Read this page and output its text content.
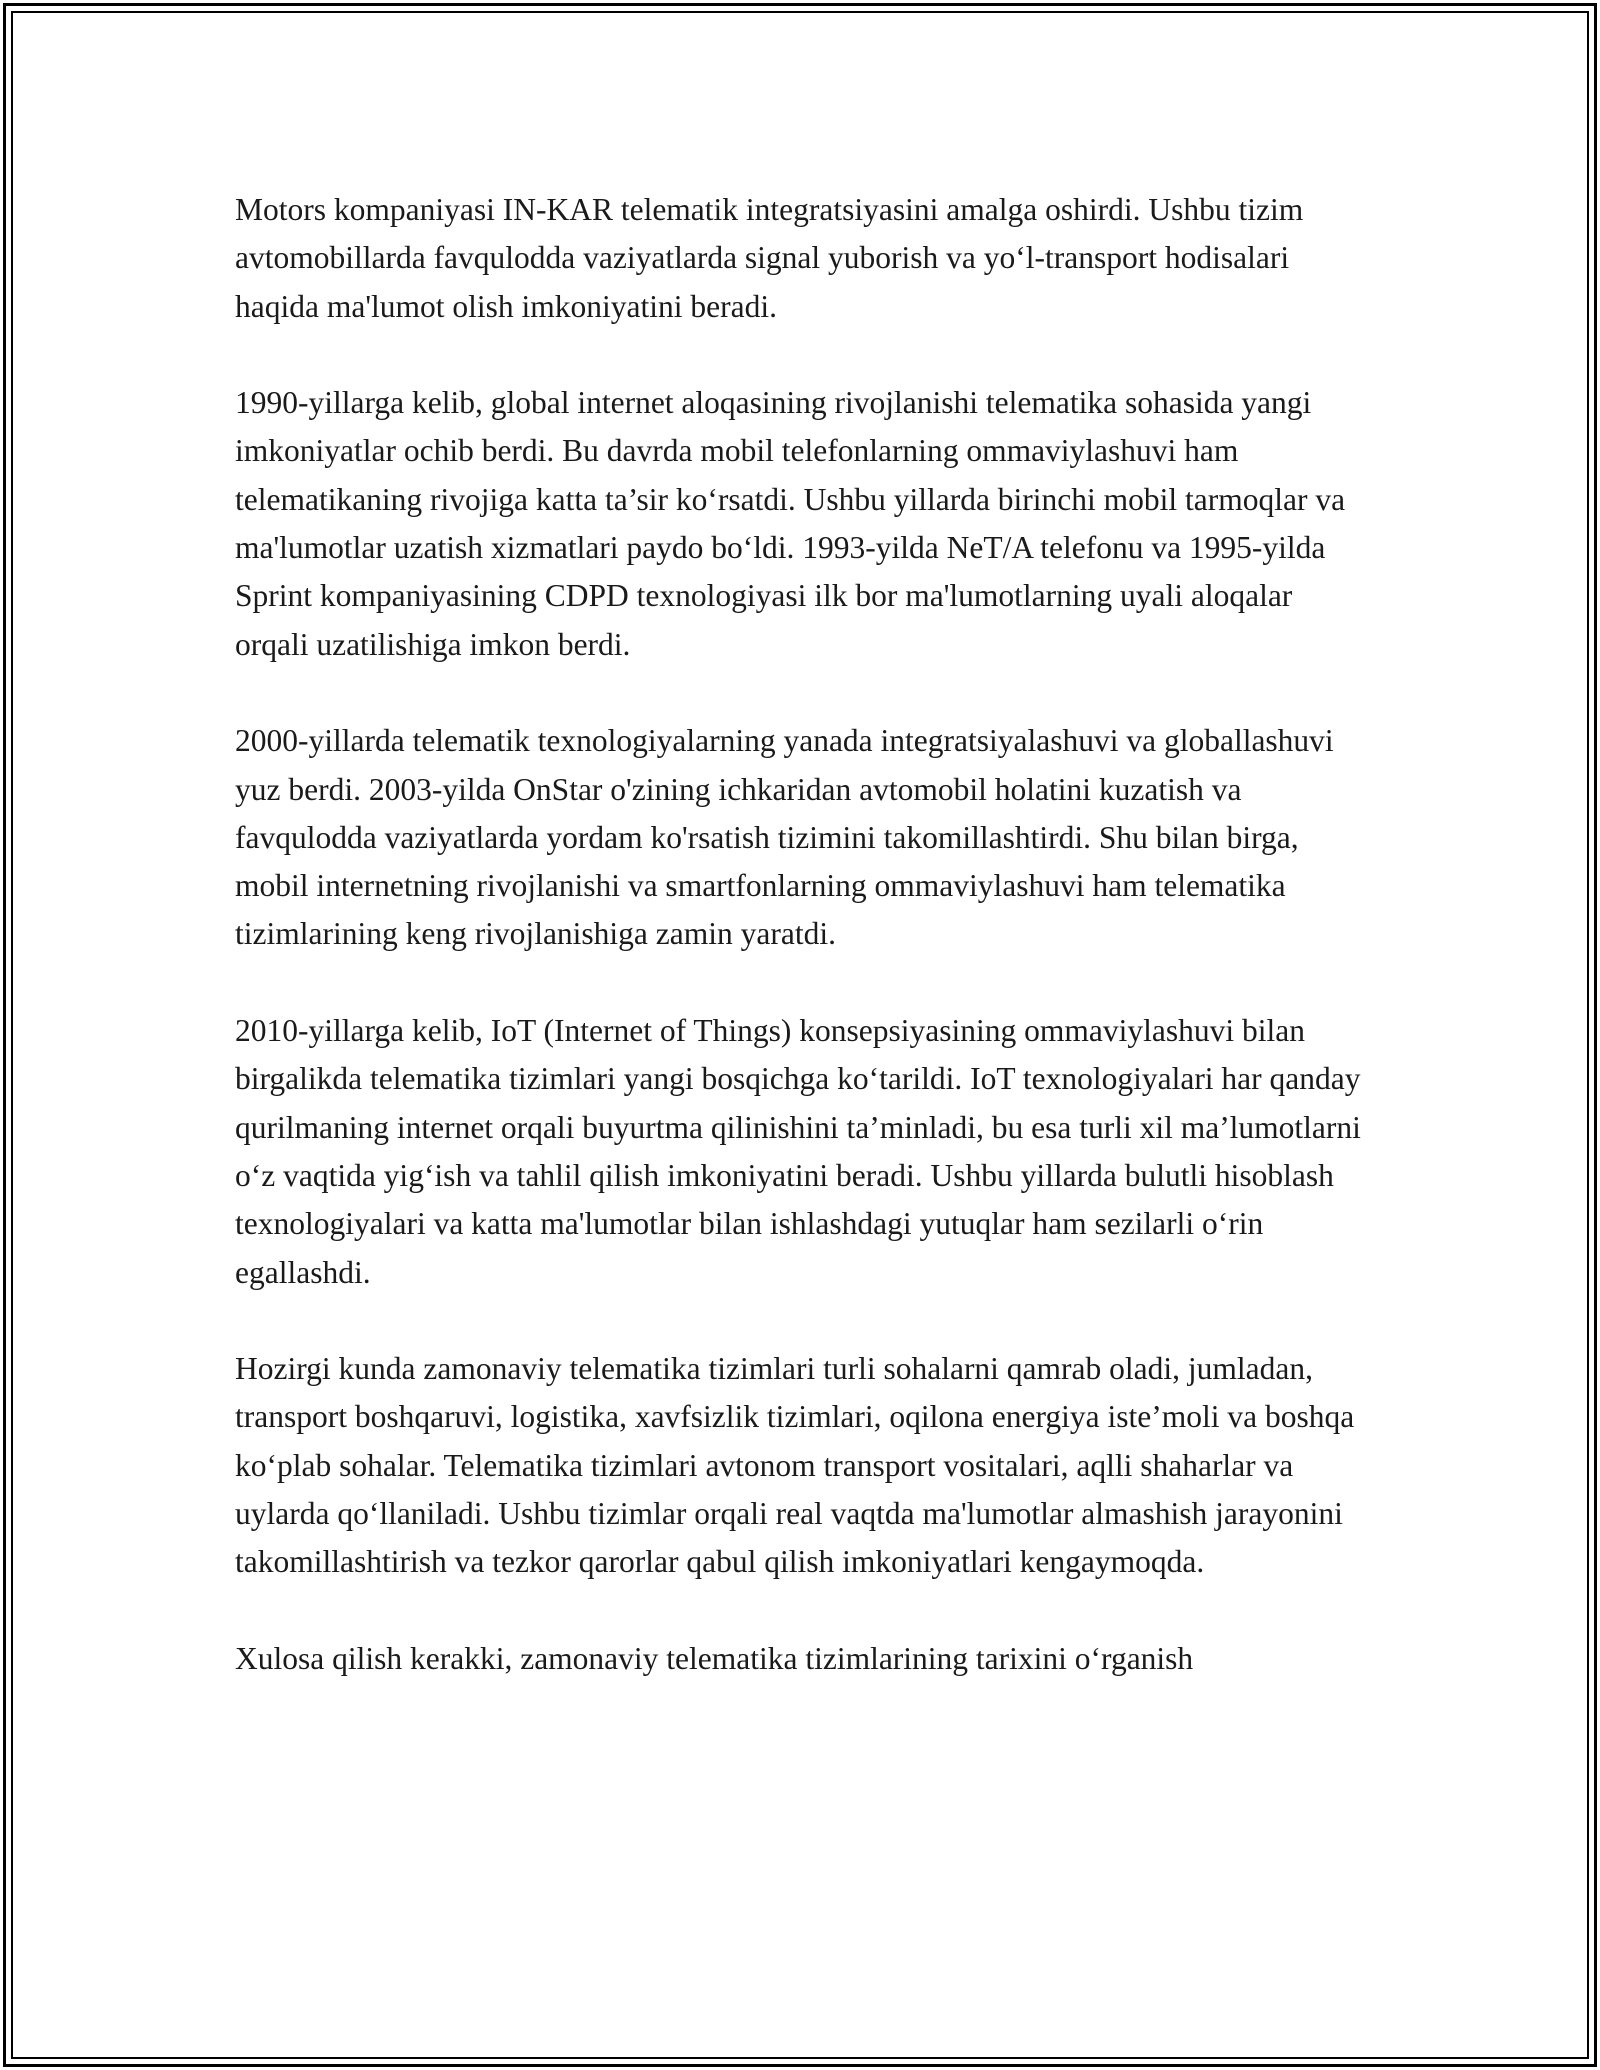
Motors kompaniyasi IN-KAR telematik integratsiyasini amalga oshirdi. Ushbu tizim avtomobillarda favqulodda vaziyatlarda signal yuborish va yoʻl-transport hodisalari haqida ma'lumot olish imkoniyatini beradi.

1990-yillarga kelib, global internet aloqasining rivojlanishi telematika sohasida yangi imkoniyatlar ochib berdi. Bu davrda mobil telefonlarning ommaviylashuvi ham telematikaning rivojiga katta ta’sir koʻrsatdi. Ushbu yillarda birinchi mobil tarmoqlar va ma'lumotlar uzatish xizmatlari paydo boʻldi. 1993-yilda NeT/A telefonu va 1995-yilda Sprint kompaniyasining CDPD texnologiyasi ilk bor ma'lumotlarning uyali aloqalar orqali uzatilishiga imkon berdi.

2000-yillarda telematik texnologiyalarning yanada integratsiyalashuvi va globallashuvi yuz berdi. 2003-yilda OnStar o'zining ichkaridan avtomobil holatini kuzatish va favqulodda vaziyatlarda yordam ko'rsatish tizimini takomillashtirdi. Shu bilan birga, mobil internetning rivojlanishi va smartfonlarning ommaviylashuvi ham telematika tizimlarining keng rivojlanishiga zamin yaratdi.

2010-yillarga kelib, IoT (Internet of Things) konsepsiyasining ommaviylashuvi bilan birgalikda telematika tizimlari yangi bosqichga koʻtarildi. IoT texnologiyalari har qanday qurilmaning internet orqali buyurtma qilinishini ta’minladi, bu esa turli xil ma’lumotlarni oʻz vaqtida yigʻish va tahlil qilish imkoniyatini beradi. Ushbu yillarda bulutli hisoblash texnologiyalari va katta ma'lumotlar bilan ishlashdagi yutuqlar ham sezilarli oʻrin egallashdi.

Hozirgi kunda zamonaviy telematika tizimlari turli sohalarni qamrab oladi, jumladan, transport boshqaruvi, logistika, xavfsizlik tizimlari, oqilona energiya iste’moli va boshqa koʻplab sohalar. Telematika tizimlari avtonom transport vositalari, aqlli shaharlar va uylarda qoʻllaniladi. Ushbu tizimlar orqali real vaqtda ma'lumotlar almashish jarayonini takomillashtirish va tezkor qarorlar qabul qilish imkoniyatlari kengaymoqda.

Xulosa qilish kerakki, zamonaviy telematika tizimlarining tarixini oʻrganish
